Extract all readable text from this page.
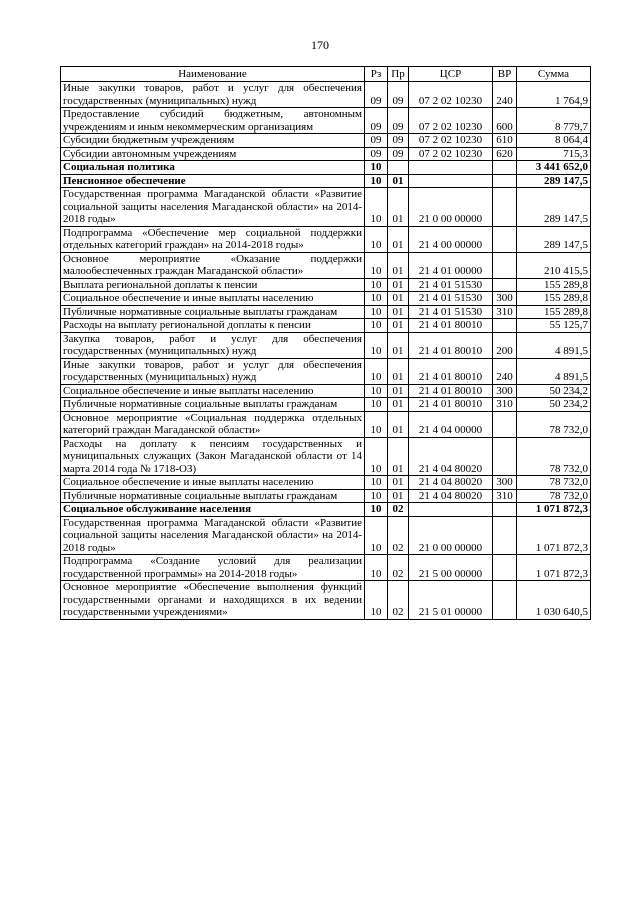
170
Наименование	Рз	Пр	ЦСР	ВР	Сумма
Иные закупки товаров, работ и услуг для обеспечения государственных (муниципальных) нужд	09	09	07 2 02 10230	240	1 764,9
Предоставление субсидий бюджетным, автономным учреждениям и иным некоммерческим организациям	09	09	07 2 02 10230	600	8 779,7
Субсидии бюджетным учреждениям	09	09	07 2 02 10230	610	8 064,4
Субсидии автономным учреждениям	09	09	07 2 02 10230	620	715,3
Социальная политика	10				3 441 652,0
Пенсионное обеспечение	10	01			289 147,5
Государственная программа Магаданской области «Развитие социальной защиты населения Магаданской области» на 2014-2018 годы»	10	01	21 0 00 00000		289 147,5
Подпрограмма «Обеспечение мер социальной поддержки отдельных категорий граждан» на 2014-2018 годы»	10	01	21 4 00 00000		289 147,5
Основное мероприятие «Оказание поддержки малообеспеченных граждан Магаданской области»	10	01	21 4 01 00000		210 415,5
Выплата региональной доплаты к пенсии	10	01	21 4 01 51530		155 289,8
Социальное обеспечение и иные выплаты населению	10	01	21 4 01 51530	300	155 289,8
Публичные нормативные социальные выплаты гражданам	10	01	21 4 01 51530	310	155 289,8
Расходы на выплату региональной доплаты к пенсии	10	01	21 4 01 80010		55 125,7
Закупка товаров, работ и услуг для обеспечения государственных (муниципальных) нужд	10	01	21 4 01 80010	200	4 891,5
Иные закупки товаров, работ и услуг для обеспечения государственных (муниципальных) нужд	10	01	21 4 01 80010	240	4 891,5
Социальное обеспечение и иные выплаты населению	10	01	21 4 01 80010	300	50 234,2
Публичные нормативные социальные выплаты гражданам	10	01	21 4 01 80010	310	50 234,2
Основное мероприятие «Социальная поддержка отдельных категорий граждан Магаданской области»	10	01	21 4 04 00000		78 732,0
Расходы на доплату к пенсиям государственных и муниципальных служащих (Закон Магаданской области от 14 марта 2014 года № 1718-ОЗ)	10	01	21 4 04 80020		78 732,0
Социальное обеспечение и иные выплаты населению	10	01	21 4 04 80020	300	78 732,0
Публичные нормативные социальные выплаты гражданам	10	01	21 4 04 80020	310	78 732,0
Социальное обслуживание населения	10	02			1 071 872,3
Государственная программа Магаданской области «Развитие социальной защиты населения Магаданской области» на 2014-2018 годы»	10	02	21 0 00 00000		1 071 872,3
Подпрограмма «Создание условий для реализации государственной программы» на 2014-2018 годы»	10	02	21 5 00 00000		1 071 872,3
Основное мероприятие «Обеспечение выполнения функций государственными органами и находящихся в их ведении государственными учреждениями»	10	02	21 5 01 00000		1 030 640,5
